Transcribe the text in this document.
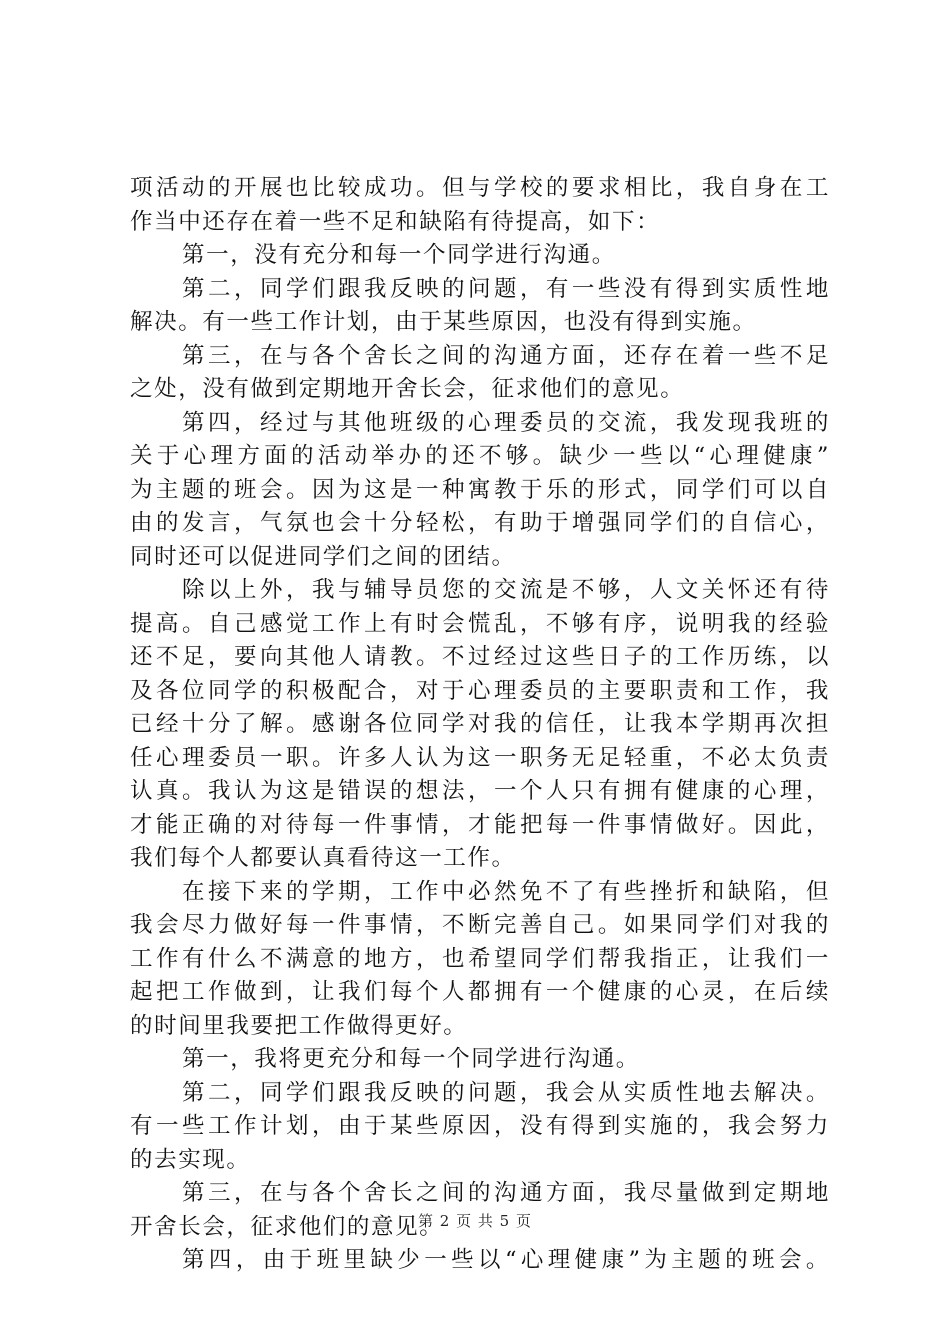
项活动的开展也比较成功。但与学校的要求相比，我自身在工
作当中还存在着一些不足和缺陷有待提高，如下：
第一，没有充分和每一个同学进行沟通。
第二，同学们跟我反映的问题，有一些没有得到实质性地
解决。有一些工作计划，由于某些原因，也没有得到实施。
第三，在与各个舍长之间的沟通方面，还存在着一些不足
之处，没有做到定期地开舍长会，征求他们的意见。
第四，经过与其他班级的心理委员的交流，我发现我班的
关于心理方面的活动举办的还不够。缺少一些以“心理健康”
为主题的班会。因为这是一种寓教于乐的形式，同学们可以自
由的发言，气氛也会十分轻松，有助于增强同学们的自信心，
同时还可以促进同学们之间的团结。
除以上外，我与辅导员您的交流是不够，人文关怀还有待
提高。自己感觉工作上有时会慌乱，不够有序，说明我的经验
还不足，要向其他人请教。不过经过这些日子的工作历练，以
及各位同学的积极配合，对于心理委员的主要职责和工作，我
已经十分了解。感谢各位同学对我的信任，让我本学期再次担
任心理委员一职。许多人认为这一职务无足轻重，不必太负责
认真。我认为这是错误的想法，一个人只有拥有健康的心理，
才能正确的对待每一件事情，才能把每一件事情做好。因此，
我们每个人都要认真看待这一工作。
在接下来的学期，工作中必然免不了有些挫折和缺陷，但
我会尽力做好每一件事情，不断完善自己。如果同学们对我的
工作有什么不满意的地方，也希望同学们帮我指正，让我们一
起把工作做到，让我们每个人都拥有一个健康的心灵，在后续
的时间里我要把工作做得更好。
第一，我将更充分和每一个同学进行沟通。
第二，同学们跟我反映的问题，我会从实质性地去解决。
有一些工作计划，由于某些原因，没有得到实施的，我会努力
的去实现。
第三，在与各个舍长之间的沟通方面，我尽量做到定期地
开舍长会，征求他们的意见。
第四，由于班里缺少一些以“心理健康”为主题的班会。
第 2 页 共 5 页
